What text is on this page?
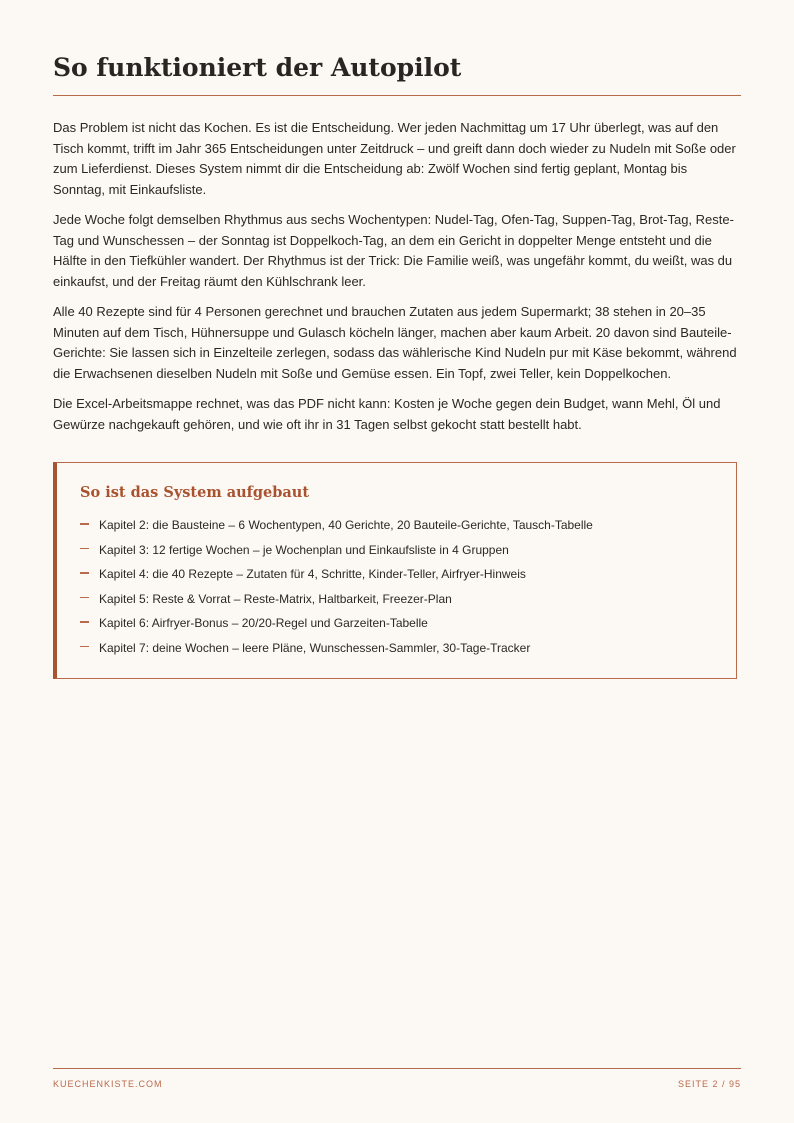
So funktioniert der Autopilot

Das Problem ist nicht das Kochen. Es ist die Entscheidung. Wer jeden Nachmittag um 17 Uhr überlegt, was auf den Tisch kommt, trifft im Jahr 365 Entscheidungen unter Zeitdruck – und greift dann doch wieder zu Nudeln mit Soße oder zum Lieferdienst. Dieses System nimmt dir die Entscheidung ab: Zwölf Wochen sind fertig geplant, Montag bis Sonntag, mit Einkaufsliste.

Jede Woche folgt demselben Rhythmus aus sechs Wochentypen: Nudel-Tag, Ofen-Tag, Suppen-Tag, Brot-Tag, Reste-Tag und Wunschessen – der Sonntag ist Doppelkoch-Tag, an dem ein Gericht in doppelter Menge entsteht und die Hälfte in den Tiefkühler wandert. Der Rhythmus ist der Trick: Die Familie weiß, was ungefähr kommt, du weißt, was du einkaufst, und der Freitag räumt den Kühlschrank leer.

Alle 40 Rezepte sind für 4 Personen gerechnet und brauchen Zutaten aus jedem Supermarkt; 38 stehen in 20–35 Minuten auf dem Tisch, Hühnersuppe und Gulasch köcheln länger, machen aber kaum Arbeit. 20 davon sind Bauteile-Gerichte: Sie lassen sich in Einzelteile zerlegen, sodass das wählerische Kind Nudeln pur mit Käse bekommt, während die Erwachsenen dieselben Nudeln mit Soße und Gemüse essen. Ein Topf, zwei Teller, kein Doppelkochen.

Die Excel-Arbeitsmappe rechnet, was das PDF nicht kann: Kosten je Woche gegen dein Budget, wann Mehl, Öl und Gewürze nachgekauft gehören, und wie oft ihr in 31 Tagen selbst gekocht statt bestellt habt.

So ist das System aufgebaut
Kapitel 2: die Bausteine – 6 Wochentypen, 40 Gerichte, 20 Bauteile-Gerichte, Tausch-Tabelle
Kapitel 3: 12 fertige Wochen – je Wochenplan und Einkaufsliste in 4 Gruppen
Kapitel 4: die 40 Rezepte – Zutaten für 4, Schritte, Kinder-Teller, Airfryer-Hinweis
Kapitel 5: Reste & Vorrat – Reste-Matrix, Haltbarkeit, Freezer-Plan
Kapitel 6: Airfryer-Bonus – 20/20-Regel und Garzeiten-Tabelle
Kapitel 7: deine Wochen – leere Pläne, Wunschessen-Sammler, 30-Tage-Tracker
KUECHENKISTE.COM	SEITE 2 / 95
